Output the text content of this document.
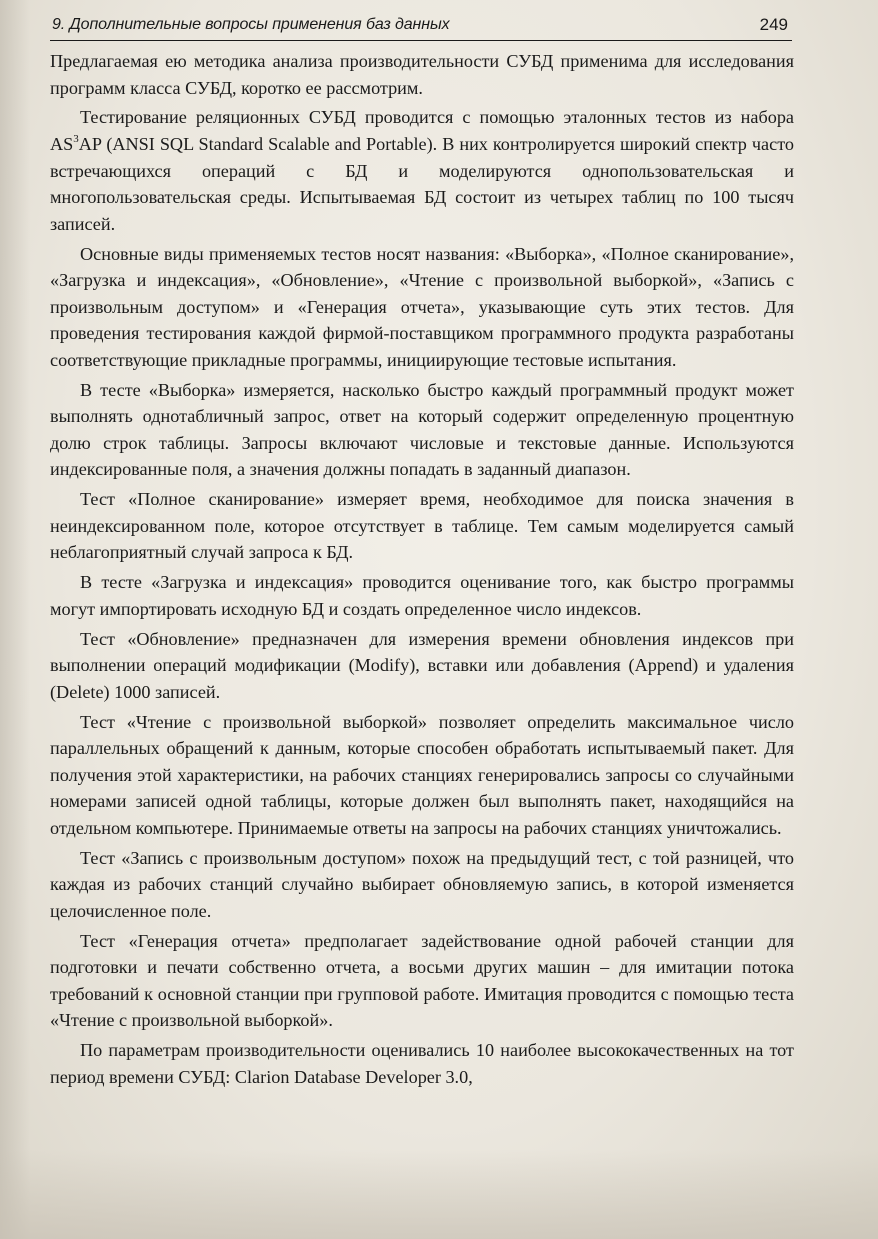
9. Дополнительные вопросы применения баз данных	249

Предлагаемая ею методика анализа производительности СУБД применима для исследования программ класса СУБД, коротко ее рассмотрим.

Тестирование реляционных СУБД проводится с помощью эталонных тестов из набора $AS^3AP$ (ANSI SQL Standard Scalable and Portable). В них контролируется широкий спектр часто встречающихся операций с БД и моделируются однопользовательская и многопользовательская среды. Испытываемая БД состоит из четырех таблиц по 100 тысяч записей.

Основные виды применяемых тестов носят названия: «Выборка», «Полное сканирование», «Загрузка и индексация», «Обновление», «Чтение с произвольной выборкой», «Запись с произвольным доступом» и «Генерация отчета», указывающие суть этих тестов. Для проведения тестирования каждой фирмой-поставщиком программного продукта разработаны соответствующие прикладные программы, инициирующие тестовые испытания.

В тесте «Выборка» измеряется, насколько быстро каждый программный продукт может выполнять однотабличный запрос, ответ на который содержит определенную процентную долю строк таблицы. Запросы включают числовые и текстовые данные. Используются индексированные поля, а значения должны попадать в заданный диапазон.

Тест «Полное сканирование» измеряет время, необходимое для поиска значения в неиндексированном поле, которое отсутствует в таблице. Тем самым моделируется самый неблагоприятный случай запроса к БД.

В тесте «Загрузка и индексация» проводится оценивание того, как быстро программы могут импортировать исходную БД и создать определенное число индексов.

Тест «Обновление» предназначен для измерения времени обновления индексов при выполнении операций модификации (Modify), вставки или добавления (Append) и удаления (Delete) 1000 записей.

Тест «Чтение с произвольной выборкой» позволяет определить максимальное число параллельных обращений к данным, которые способен обработать испытываемый пакет. Для получения этой характеристики, на рабочих станциях генерировались запросы со случайными номерами записей одной таблицы, которые должен был выполнять пакет, находящийся на отдельном компьютере. Принимаемые ответы на запросы на рабочих станциях уничтожались.

Тест «Запись с произвольным доступом» похож на предыдущий тест, с той разницей, что каждая из рабочих станций случайно выбирает обновляемую запись, в которой изменяется целочисленное поле.

Тест «Генерация отчета» предполагает задействование одной рабочей станции для подготовки и печати собственно отчета, а восьми других машин – для имитации потока требований к основной станции при групповой работе. Имитация проводится с помощью теста «Чтение с произвольной выборкой».

По параметрам производительности оценивались 10 наиболее высококачественных на тот период времени СУБД: Clarion Database Developer 3.0,
